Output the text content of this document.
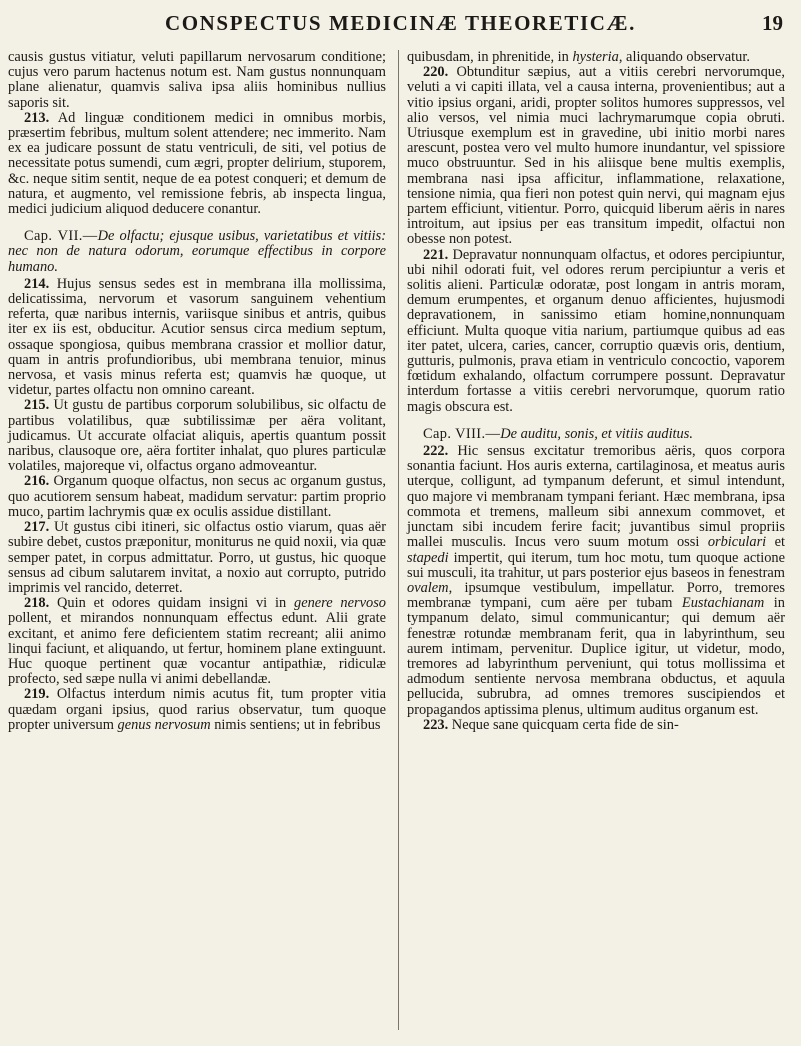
CONSPECTUS MEDICINÆ THEORETICÆ.	19

causis gustus vitiatur, veluti papillarum nervosarum conditione; cujus vero parum hactenus notum est. Nam gustus nonnunquam plane alienatur, quamvis saliva ipsa aliis hominibus nullius saporis sit.

213. Ad linguæ conditionem medici in omnibus morbis, præsertim febribus, multum solent attendere; nec immerito. Nam ex ea judicare possunt de statu ventriculi, de siti, vel potius de necessitate potus sumendi, cum ægri, propter delirium, stuporem, &c. neque sitim sentit, neque de ea potest conqueri; et demum de natura, et augmento, vel remissione febris, ab inspecta lingua, medici judicium aliquod deducere conantur.

Cap. VII.—De olfactu; ejusque usibus, varietatibus et vitiis: nec non de natura odorum, eorumque effectibus in corpore humano.

214. Hujus sensus sedes est in membrana illa mollissima, delicatissima, nervorum et vasorum sanguinem vehentium referta, quæ naribus internis, variisque sinibus et antris, quibus iter ex iis est, obducitur. Acutior sensus circa medium septum, ossaque spongiosa, quibus membrana crassior et mollior datur, quam in antris profundioribus, ubi membrana tenuior, minus nervosa, et vasis minus referta est; quamvis hæ quoque, ut videtur, partes olfactu non omnino careant.

215. Ut gustu de partibus corporum solubilibus, sic olfactu de partibus volatilibus, quæ subtilissimæ per aëra volitant, judicamus. Ut accurate olfaciat aliquis, apertis quantum possit naribus, clausoque ore, aëra fortiter inhalat, quo plures particulæ volatiles, majoreque vi, olfactus organo admoveantur.

216. Organum quoque olfactus, non secus ac organum gustus, quo acutiorem sensum habeat, madidum servatur: partim proprio muco, partim lachrymis quæ ex oculis assidue distillant.

217. Ut gustus cibi itineri, sic olfactus ostio viarum, quas aër subire debet, custos præponitur, moniturus ne quid noxii, via quæ semper patet, in corpus admittatur. Porro, ut gustus, hic quoque sensus ad cibum salutarem invitat, a noxio aut corrupto, putrido imprimis vel rancido, deterret.

218. Quin et odores quidam insigni vi in genere nervoso pollent, et mirandos nonnunquam effectus edunt. Alii grate excitant, et animo fere deficientem statim recreant; alii animo linqui faciunt, et aliquando, ut fertur, hominem plane extinguunt. Huc quoque pertinent quæ vocantur antipathiæ, ridiculæ profecto, sed sæpe nulla vi animi debellandæ.

219. Olfactus interdum nimis acutus fit, tum propter vitia quædam organi ipsius, quod rarius observatur, tum quoque propter universum genus nervosum nimis sentiens; ut in febribus

quibusdam, in phrenitide, in hysteria, aliquando observatur.

220. Obtunditur sæpius, aut a vitiis cerebri nervorumque, veluti a vi capiti illata, vel a causa interna, provenientibus; aut a vitio ipsius organi, aridi, propter solitos humores suppressos, vel alio versos, vel nimia muci lachrymarumque copia obruti. Utriusque exemplum est in gravedine, ubi initio morbi nares arescunt, postea vero vel multo humore inundantur, vel spissiore muco obstruuntur. Sed in his aliisque bene multis exemplis, membrana nasi ipsa afficitur, inflammatione, relaxatione, tensione nimia, qua fieri non potest quin nervi, qui magnam ejus partem efficiunt, vitientur. Porro, quicquid liberum aëris in nares introitum, aut ipsius per eas transitum impedit, olfactui non obesse non potest.

221. Depravatur nonnunquam olfactus, et odores percipiuntur, ubi nihil odorati fuit, vel odores rerum percipiuntur a veris et solitis alieni. Particulæ odoratæ, post longam in antris moram, demum erumpentes, et organum denuo afficientes, hujusmodi depravationem, in sanissimo etiam homine,nonnunquam efficiunt. Multa quoque vitia narium, partiumque quibus ad eas iter patet, ulcera, caries, cancer, corruptio quævis oris, dentium, gutturis, pulmonis, prava etiam in ventriculo concoctio, vaporem fœtidum exhalando, olfactum corrumpere possunt. Depravatur interdum fortasse a vitiis cerebri nervorumque, quorum ratio magis obscura est.

Cap. VIII.—De auditu, sonis, et vitiis auditus.

222. Hic sensus excitatur tremoribus aëris, quos corpora sonantia faciunt. Hos auris externa, cartilaginosa, et meatus auris uterque, colligunt, ad tympanum deferunt, et simul intendunt, quo majore vi membranam tympani feriant. Hæc membrana, ipsa commota et tremens, malleum sibi annexum commovet, et junctam sibi incudem ferire facit; juvantibus simul propriis mallei musculis. Incus vero suum motum ossi orbiculari et stapedi impertit, qui iterum, tum hoc motu, tum quoque actione sui musculi, ita trahitur, ut pars posterior ejus baseos in fenestram ovalem, ipsumque vestibulum, impellatur. Porro, tremores membranæ tympani, cum aëre per tubam Eustachianam in tympanum delato, simul communicantur; qui demum aër fenestræ rotundæ membranam ferit, qua in labyrinthum, seu aurem intimam, pervenitur. Duplice igitur, ut videtur, modo, tremores ad labyrinthum perveniunt, qui totus mollissima et admodum sentiente nervosa membrana obductus, et aquula pellucida, subrubra, ad omnes tremores suscipiendos et propagandos aptissima plenus, ultimum auditus organum est.

223. Neque sane quicquam certa fide de sin-
